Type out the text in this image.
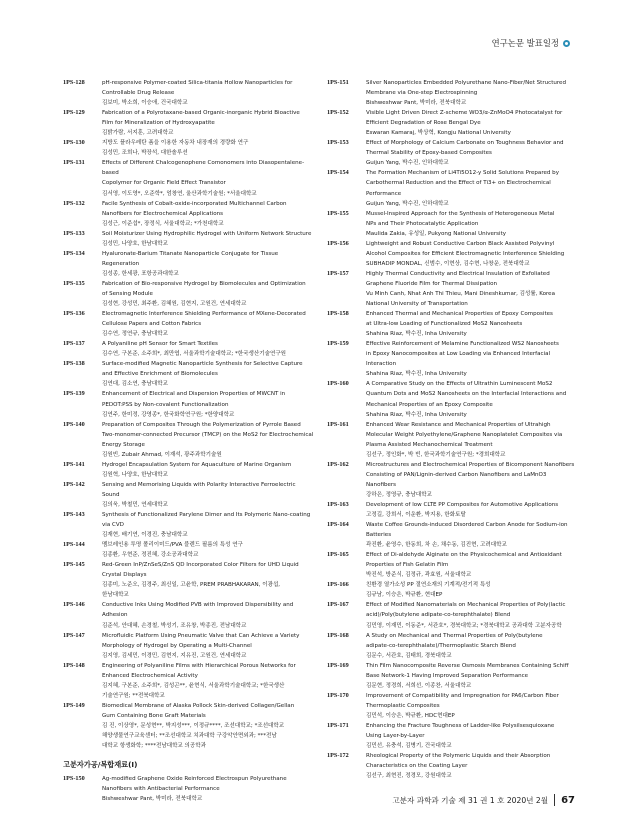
연구논문 발표일정
1PS-128	pH-responsive Polymer-coated Silica-titania Hollow Nanoparticles for
Controllable Drug Release
김보미, 박소희, 이승애, 건국대학교
1PS-129	Fabrication of a Polyrotaxane-based Organic-inorganic Hybrid Bioactive
Film for Mineralization of Hydroxyapatite
김밝가람, 서지훈, 고려대학교
1PS-130	지방도 플라우레탄 폼을 이용한 자동차 내장재의 경량화 연구
김성민, 조희나, 박장석, 대한솔루션
1PS-131	Effects of Different Chalcogenophene Comonomers into Diasopentalene-based
Copolymer for Organic Field Effect Transistor
김서영, 이도영*, 오준학*, 엄창연, 울산과학기술원; *서울대학교
1PS-132	Facile Synthesis of Cobalt-oxide-incorporated Multichannel Carbon
Nanofibers for Electrochemical Applications
김성근, 이준섭*, 장정식, 서울대학교; *가천대학교
1PS-133	Soil Moisturizer Using Hydrophilic Hydrogel with Uniform Network Structure
김성민, 나양호, 한남대학교
1PS-134	Hyaluronate-Barium Titanate Nanoparticle Conjugate for Tissue Regeneration
김성종, 한세광, 포항공과대학교
1PS-135	Fabrication of Bio-responsive Hydrogel by Biomolecules and Optimization
of Sensing Module
김성현, 강성민, 최주환, 김혜원, 김현지, 고원건, 연세대학교
1PS-136	Electromagnetic Interference Shielding Performance of MXene-Decorated
Cellulose Papers and Cotton Fabrics
김수연, 정연규, 충남대학교
1PS-137	A Polyaniline pH Sensor for Smart Textiles
김수연, 구본준, 소주희*, 최만엽, 서울과학기술대학교; *한국생산기술연구원
1PS-138	Surface-modified Magnetic Nanoparticle Synthesis for Selective Capture
and Effective Enrichment of Biomolecules
김연대, 김소연, 충남대학교
1PS-139	Enhancement of Electrical and Dispersion Properties of MWCNT in
PEDOT:PSS by Non-covalent Functionalization
김연주, 한미정, 강영종*, 한국화학연구원; *한양대학교
1PS-140	Preparation of Composites Through the Polymerization of Pyrrole Based
Two-monomer-connected Precursor (TMCP) on the MoS2 for Electrochemical
Energy Storage
김원빈, Zubair Ahmad, 이재석, 광주과학기술원
1PS-141	Hydrogel Encapsulation System for Aquaculture of Marine Organism
김원혁, 나양호, 한남대학교
1PS-142	Sensing and Memorising Liquids with Polarity Interactive Ferroelectric
Sound
김의욱, 박철민, 연세대학교
1PS-143	Synthesis of Functionalized Parylene Dimer and Its Polymeric Nano-coating
via CVD
김재현, 배기연, 이경진, 충남대학교
1PS-144	멤브레인용 투명 폴리이미드/PVA 블렌드 필름의 특성 연구
김종환, 우현준, 정진혜, 강소공과대학교
1PS-145	Red-Green InP/ZnSeS/ZnS QD Incorporated Color Filters for UHD Liquid
Crystal Displays
김종미, 노준오, 김경주, 최신일, 고윤학, PREM PRABHAKARAN, 이광섭,
한남대학교
1PS-146	Conductive Inks Using Modified PVB with Improved Dispersibility and
Adhesion
김준석, 안대혜, 손경철, 박성기, 조유창, 박종진, 전남대학교
1PS-147	Microfluidic Platform Using Pneumatic Valve that Can Achieve a Variety
Morphology of Hydrogel by Operating a Multi-Channel
김지영, 김세민, 이경민, 김현지, 지유진, 고원건, 연세대학교
1PS-148	Engineering of Polyaniline Films with Hierarchical Porous Networks for
Enhanced Electrochemical Activity
김지혜, 구본준, 소주희*, 김성곤**, 윤현식, 서울과학기술대학교; *한국생산
기술연구원; **전북대학교
1PS-149	Biomedical Membrane of Alaska Pollock Skin-derived Collagen/Gellan
Gum Containing Bone Graft Materials
김 진, 이상영*, 문성현**, 박지성***, 이정규****, 조선대학교; *조선대학교
해양생물연구교육센터; **조선대학교 치과대학 구강악안면외과; ***전남
대학교 항생화학; ****전남대학교 의공학과
고분자가공/복합재료(I)
1PS-150	Ag-modified Graphene Oxide Reinforced Electrospun Polyurethane
Nanofibers with Antibacterial Performance
Bishweshwar Pant, 박미라, 전북대학교
1PS-151	Silver Nanoparticles Embedded Polyurethane Nano-Fiber/Net Structured
Membrane via One-step Electrospinning
Bishweshwar Pant, 박미라, 전북대학교
1PS-152	Visible Light Driven Direct Z-scheme WO3/α-ZnMoO4 Photocatalyst for
Efficient Degradation of Rose Bengal Dye
Eswaran Kamaraj, 박상혁, Kongju National University
1PS-153	Effect of Morphology of Calcium Carbonate on Toughness Behavior and
Thermal Stability of Epoxy-based Composites
Guijun Yang, 박수진, 인하대학교
1PS-154	The Formation Mechanism of Li4Ti5O12-y Solid Solutions Prepared by
Carbothermal Reduction and the Effect of Ti3+ on Electrochemical
Performance
Guijun Yang, 박수진, 인하대학교
1PS-155	Mussel-Inspired Approach for the Synthesis of Heterogeneous Metal
NPs and Their Photocatalytic Application
Maulida Zakia, 유성일, Pukyong National University
1PS-156	Lightweight and Robust Conductive Carbon Black Assisted Polyvinyl
Alcohol Composites for Efficient Electromagnetic Interference Shielding
SUBHADIP MONDAL, 신범수, 이현상, 김수현, 나창운, 전북대학교
1PS-157	Highly Thermal Conductivity and Electrical Insulation of Exfoliated
Graphene Fluoride Film for Thermal Dissipation
Vu Minh Canh, Nhat Anh Thi Thieu, Mani Dineshkumar, 김성률, Korea
National University of Transportation
1PS-158	Enhanced Thermal and Mechanical Properties of Epoxy Composites
at Ultra-low Loading of Functionalized MoS2 Nanosheets
Shahina Riaz, 박수진, Inha University
1PS-159	Effective Reinforcement of Melamine Functionalized WS2 Nanosheets
in Epoxy Nanocomposites at Low Loading via Enhanced Interfacial
Interaction
Shahina Riaz, 박수진, Inha University
1PS-160	A Comparative Study on the Effects of Ultrathin Luminescent MoS2
Quantum Dots and MoS2 Nanosheets on the Interfacial Interactions and
Mechanical Properties of an Epoxy Composite
Shahina Riaz, 박수진, Inha University
1PS-161	Enhanced Wear Resistance and Mechanical Properties of Ultrahigh
Molecular Weight Polyethylene/Graphene Nanoplatelet Composites via
Plasma Assisted Mechanochemical Treatment
김선구, 정인화*, 박 빈, 한국과학기술연구원; *경희대학교
1PS-162	Microstructures and Electrochemical Properties of Bicomponent Nanofibers
Consisting of PAN/Lignin-derived Carbon Nanofibers and LaMnO3
Nanofibers
강하은, 정영규, 충남대학교
1PS-163	Development of low CLTE PP Composites for Automotive Applications
고정길, 강희서, 이운환, 박지용, 한화토탈
1PS-164	Waste Coffee Grounds-induced Disordered Carbon Anode for Sodium-ion
Batteries
곽진환, 윤영수, 한동희, 차 손, 채수동, 김진현, 고려대학교
1PS-165	Effect of Di-aldehyde Alginate on the Physicochemical and Antioxidant
Properties of Fish Gelatin Film
박진석, 방준식, 김정규, 곽효원, 서울대학교
1PS-166	친환경 열가소성 PP 절연소재의 기계적/전기적 특성
김규남, 이승은, 박규환, 현대EP
1PS-167	Effect of Modified Nanomaterials on Mechanical Properties of Poly(lactic
acid)/Poly(butylene adipate-co-terephthalate) Blend
김민영, 이재민, 이동준*, 서관호*, 경북대학교; *경북대학교 공과대학 고분자공학
1PS-168	A Study on Mechanical and Thermal Properties of Poly(butylene
adipate-co-terephthalate)/Thermoplastic Starch Blend
김문수, 서관호, 김태희, 경북대학교
1PS-169	Thin Film Nanocomposite Reverse Osmosis Membranes Containing Schiff
Base Network-1 Having Improved Separation Performance
김문현, 정경희, 서희선, 이종찬, 서울대학교
1PS-170	Improvement of Compatibility and Impregnation for PA6/Carbon Fiber
Thermoplastic Composites
김민석, 이승은, 박규환, HDC현대EP
1PS-171	Enhancing the Fracture Toughness of Ladder-like Polysilsesquioxane
Using Layer-by-Layer
김민선, 유충석, 김병기, 건국대학교
1PS-172	Rheological Property of the Polymeric Liquids and their Absorption
Characteristics on the Coating Layer
김선구, 최현진, 정경모, 강원대학교
고분자 과학과 기술 제 31 권 1 호 2020년 2월 67
